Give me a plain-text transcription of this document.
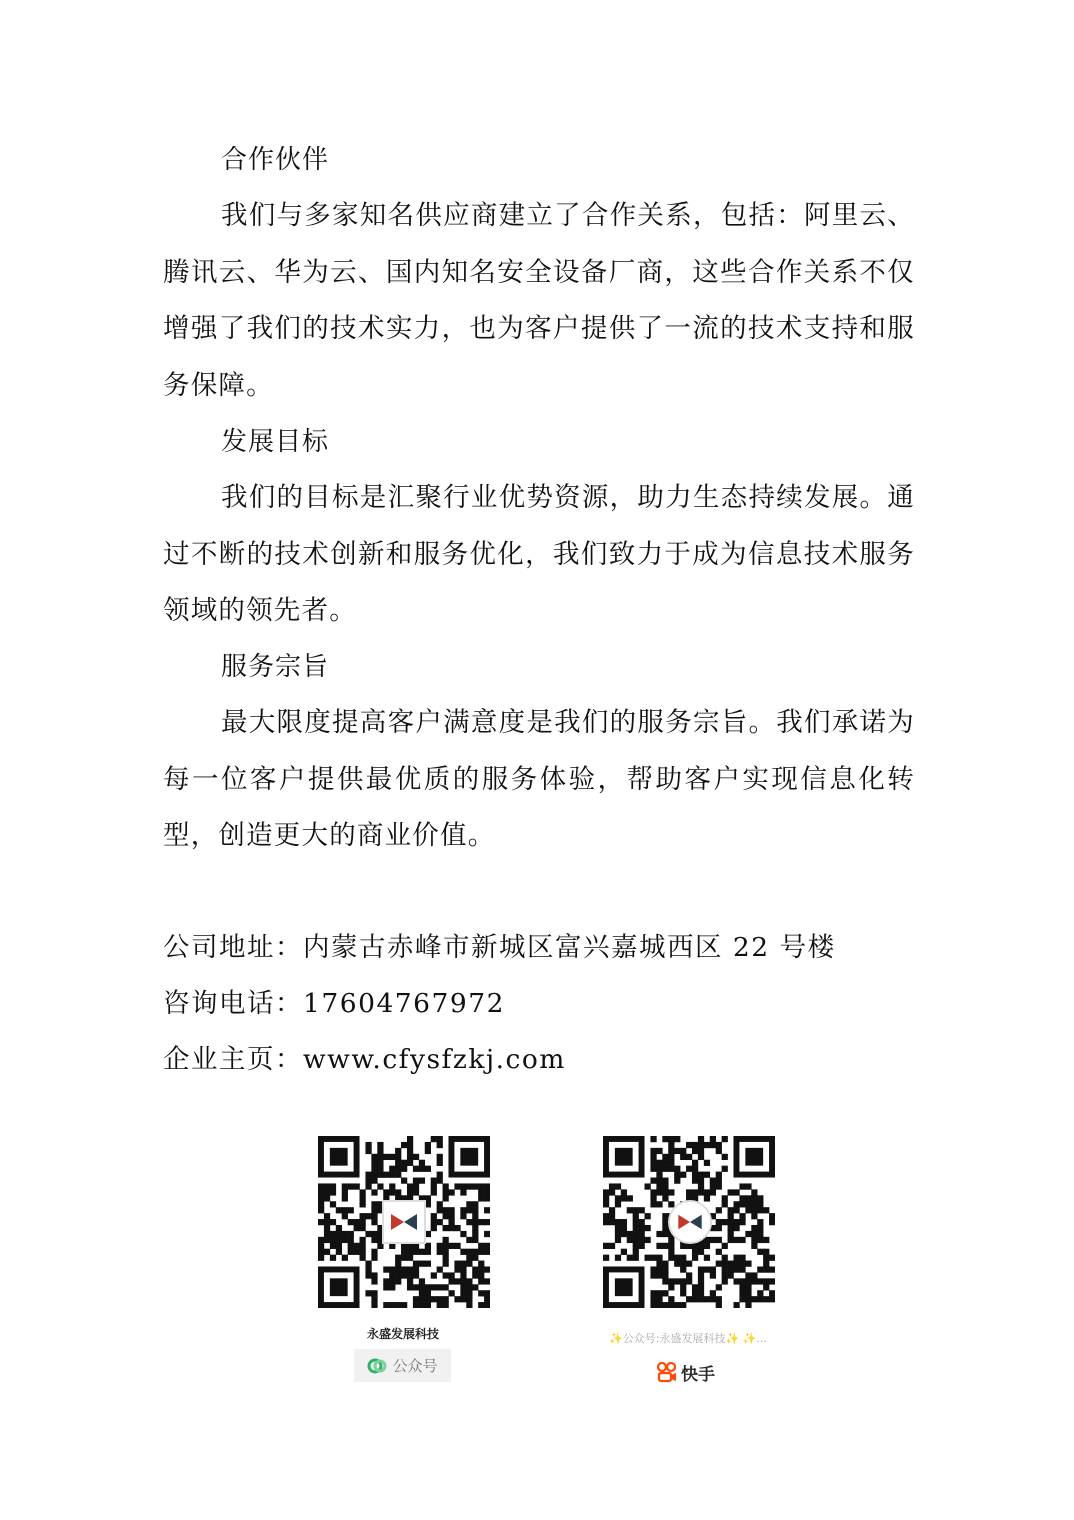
合作伙伴

我们与多家知名供应商建立了合作关系，包括：阿里云、腾讯云、华为云、国内知名安全设备厂商，这些合作关系不仅增强了我们的技术实力，也为客户提供了一流的技术支持和服务保障。

发展目标

我们的目标是汇聚行业优势资源，助力生态持续发展。通过不断的技术创新和服务优化，我们致力于成为信息技术服务领域的领先者。

服务宗旨

最大限度提高客户满意度是我们的服务宗旨。我们承诺为每一位客户提供最优质的服务体验，帮助客户实现信息化转型，创造更大的商业价值。

公司地址：内蒙古赤峰市新城区富兴嘉城西区 22 号楼
咨询电话：17604767972
企业主页：www.cfysfzkj.com
永盛发展科技
公众号
✨公众号:永盛发展科技✨ ✨...
快手
